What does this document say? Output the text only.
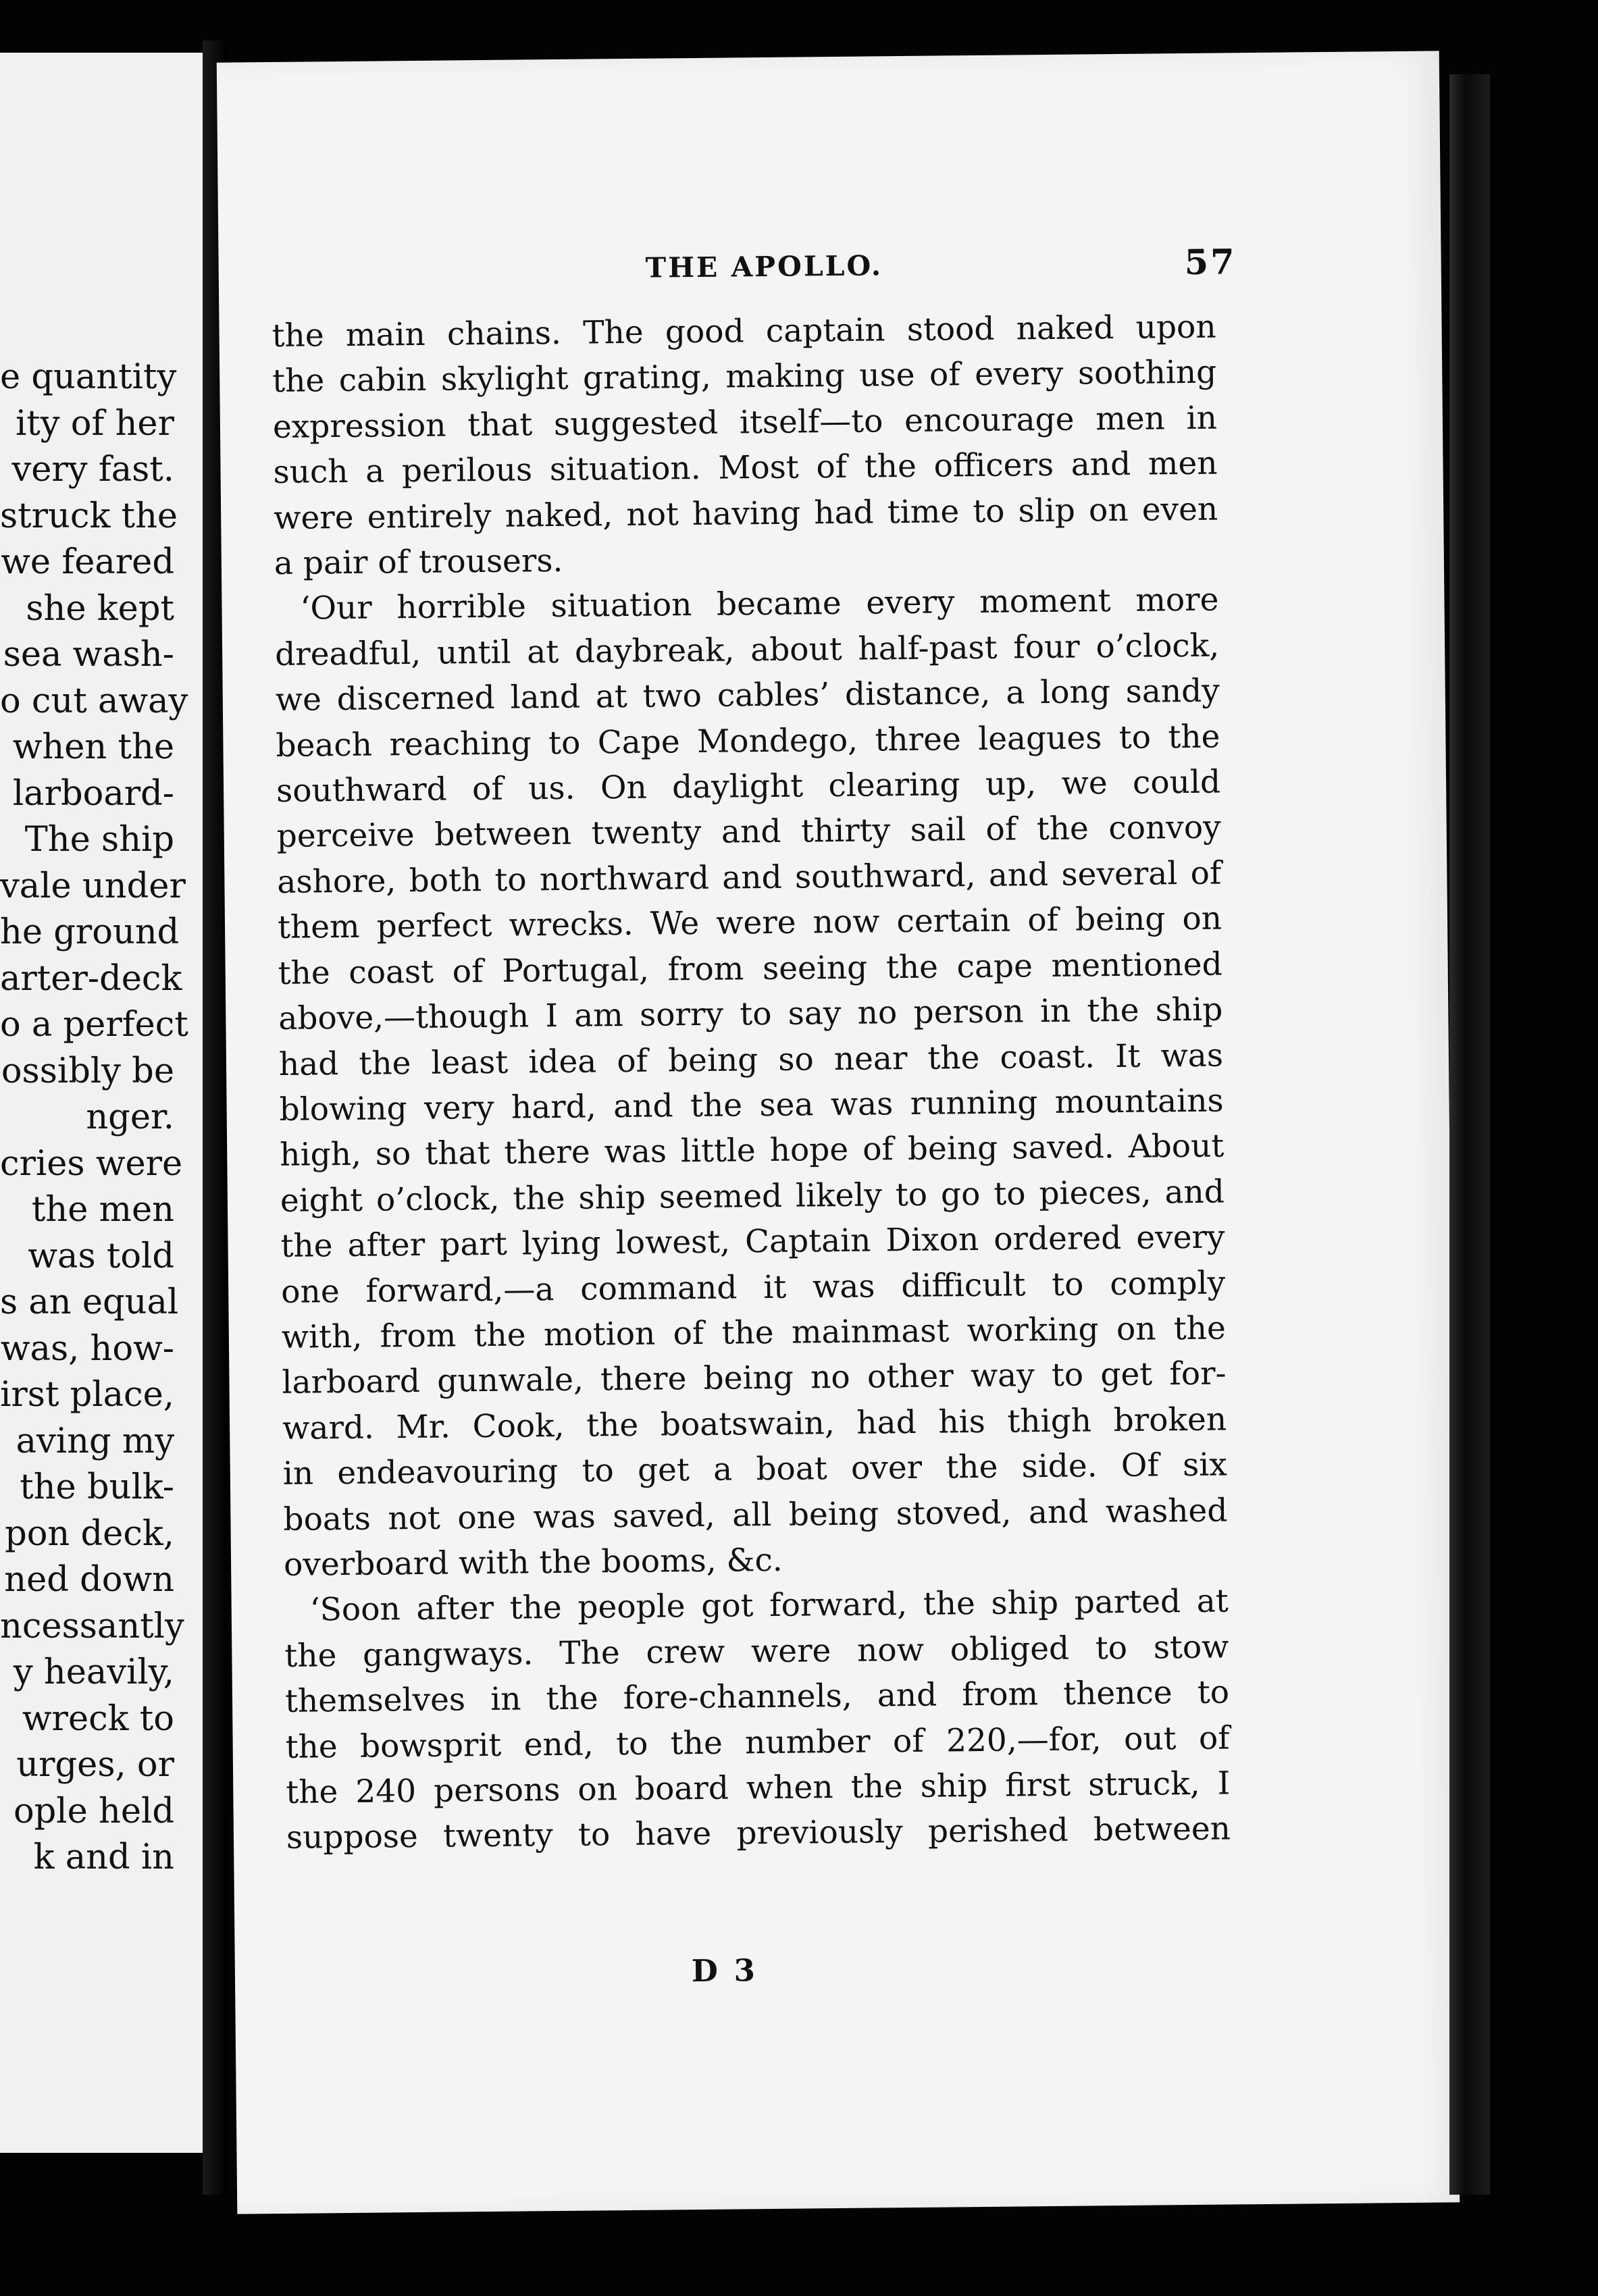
e quantity
ity of her
very fast.
struck the
we feared
she kept
sea wash-
o cut away
when the
larboard-
The ship
vale under
he ground
arter-deck
o a perfect
ossibly be
nger.
cries were
the men
was told
s an equal
was, how-
irst place,
aving my
the bulk-
pon deck,
ned down
ncessantly
y heavily,
wreck to
urges, or
ople held
k and in
THE APOLLO.	57
the main chains. The good captain stood naked upon
the cabin skylight grating, making use of every soothing
expression that suggested itself—to encourage men in
such a perilous situation. Most of the officers and men
were entirely naked, not having had time to slip on even
a pair of trousers.
‘Our horrible situation became every moment more
dreadful, until at daybreak, about half-past four o’clock,
we discerned land at two cables’ distance, a long sandy
beach reaching to Cape Mondego, three leagues to the
southward of us. On daylight clearing up, we could
perceive between twenty and thirty sail of the convoy
ashore, both to northward and southward, and several of
them perfect wrecks. We were now certain of being on
the coast of Portugal, from seeing the cape mentioned
above,—though I am sorry to say no person in the ship
had the least idea of being so near the coast. It was
blowing very hard, and the sea was running mountains
high, so that there was little hope of being saved. About
eight o’clock, the ship seemed likely to go to pieces, and
the after part lying lowest, Captain Dixon ordered every
one forward,—a command it was difficult to comply
with, from the motion of the mainmast working on the
larboard gunwale, there being no other way to get for-
ward. Mr. Cook, the boatswain, had his thigh broken
in endeavouring to get a boat over the side. Of six
boats not one was saved, all being stoved, and washed
overboard with the booms, &c.
‘Soon after the people got forward, the ship parted at
the gangways. The crew were now obliged to stow
themselves in the fore-channels, and from thence to
the bowsprit end, to the number of 220,—for, out of
the 240 persons on board when the ship first struck, I
suppose twenty to have previously perished between
D 3
